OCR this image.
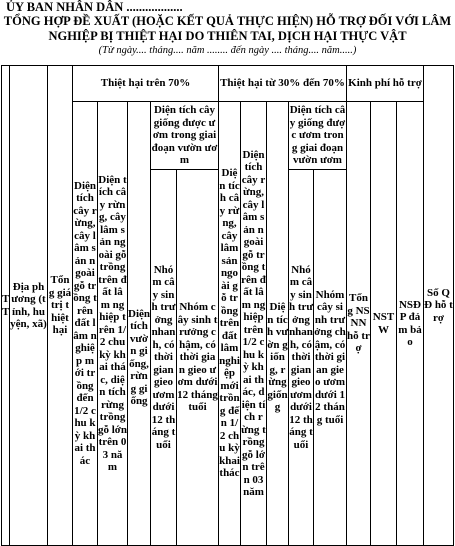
ỦY BAN NHÂN DÂN ..................
TỔNG HỢP ĐỀ XUẤT (HOẶC KẾT QUẢ THỰC HIỆN) HỖ TRỢ ĐỐI VỚI LÂM
NGHIỆP BỊ THIỆT HẠI DO THIÊN TAI, DỊCH HẠI THỰC VẬT
(Từ ngày.... tháng.... năm ........ đến ngày .... tháng.... năm.....)
TT
Địa phương (tỉnh, huyện, xã)
Tổng giá trị thiệt hại
Thiệt hại trên 70%	Thiệt hại từ 30% đến 70% Kinh phí hỗ trợ
Diện tích cây rừng, cây lâm sản ngoài gỗ trồng trên đất lâm nghiệp mới trồng đến 1/2 chu kỳ khai thác
Diện tích cây rừng, cây lâm sản ngoài gỗ trồng trên đất lâm nghiệp trên 1/2 chu kỳ khai thác, diện tích rừng trồng gỗ lớn trên 03 năm
Diện tích cây giống được ươm trong giai đoạn vườn ươm
Diện tích vườn giống, rừng giống
Nhóm cây sinh trưởng nhanh, có thời gian gieo ươm dưới 12 tháng tuổi
Nhóm cây sinh trưởng chậm, có thời gian gieo ươm dưới 12 tháng tuổi
Diện tích cây rừng, cây lâm sản ngoài gỗ trồng trên đất lâm nghiệp mới trồng đến 1/2 chu kỳ khai thác
Diện tích cây rừng, cây lâm sản ngoài gỗ trồng trên đất lâm nghiệp trên 1/2 chu kỳ khai thác, diện tích rừng trồng gỗ lớn trên 03 năm
Diện tích cây giống được ươm trong giai đoạn vườn ươm
Diện tích vườn giống, rừng giống
Nhóm cây sinh trưởng nhanh, có thời gian gieo ươm dưới 12 tháng tuổi
Nhóm cây sinh trưởng chậm, có thời gian gieo ươm dưới 12 tháng tuổi
Tổng NSNN hỗ trợ
NSTW
NSĐP đảm bảo
Số QĐ hỗ trợ
